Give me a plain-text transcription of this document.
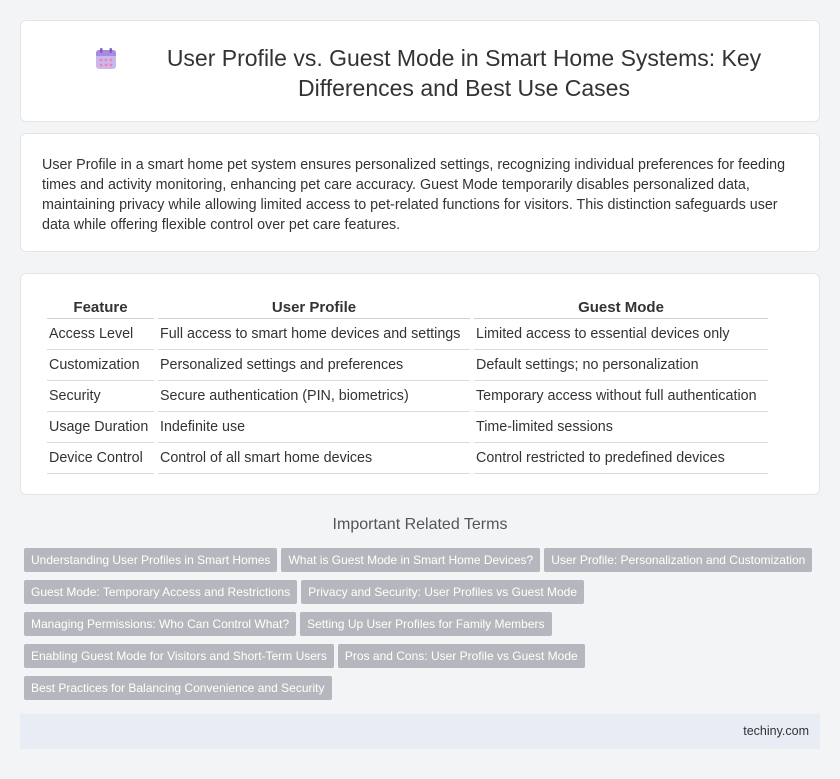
User Profile vs. Guest Mode in Smart Home Systems: Key Differences and Best Use Cases

User Profile in a smart home pet system ensures personalized settings, recognizing individual preferences for feeding times and activity monitoring, enhancing pet care accuracy. Guest Mode temporarily disables personalized data, maintaining privacy while allowing limited access to pet-related functions for visitors. This distinction safeguards user data while offering flexible control over pet care features.

Feature	User Profile	Guest Mode
Access Level	Full access to smart home devices and settings	Limited access to essential devices only
Customization	Personalized settings and preferences	Default settings; no personalization
Security	Secure authentication (PIN, biometrics)	Temporary access without full authentication
Usage Duration	Indefinite use	Time-limited sessions
Device Control	Control of all smart home devices	Control restricted to predefined devices
Important Related Terms
Understanding User Profiles in Smart Homes What is Guest Mode in Smart Home Devices? User Profile: Personalization and Customization
Guest Mode: Temporary Access and Restrictions Privacy and Security: User Profiles vs Guest Mode
Managing Permissions: Who Can Control What? Setting Up User Profiles for Family Members
Enabling Guest Mode for Visitors and Short-Term Users Pros and Cons: User Profile vs Guest Mode
Best Practices for Balancing Convenience and Security
techiny.com
